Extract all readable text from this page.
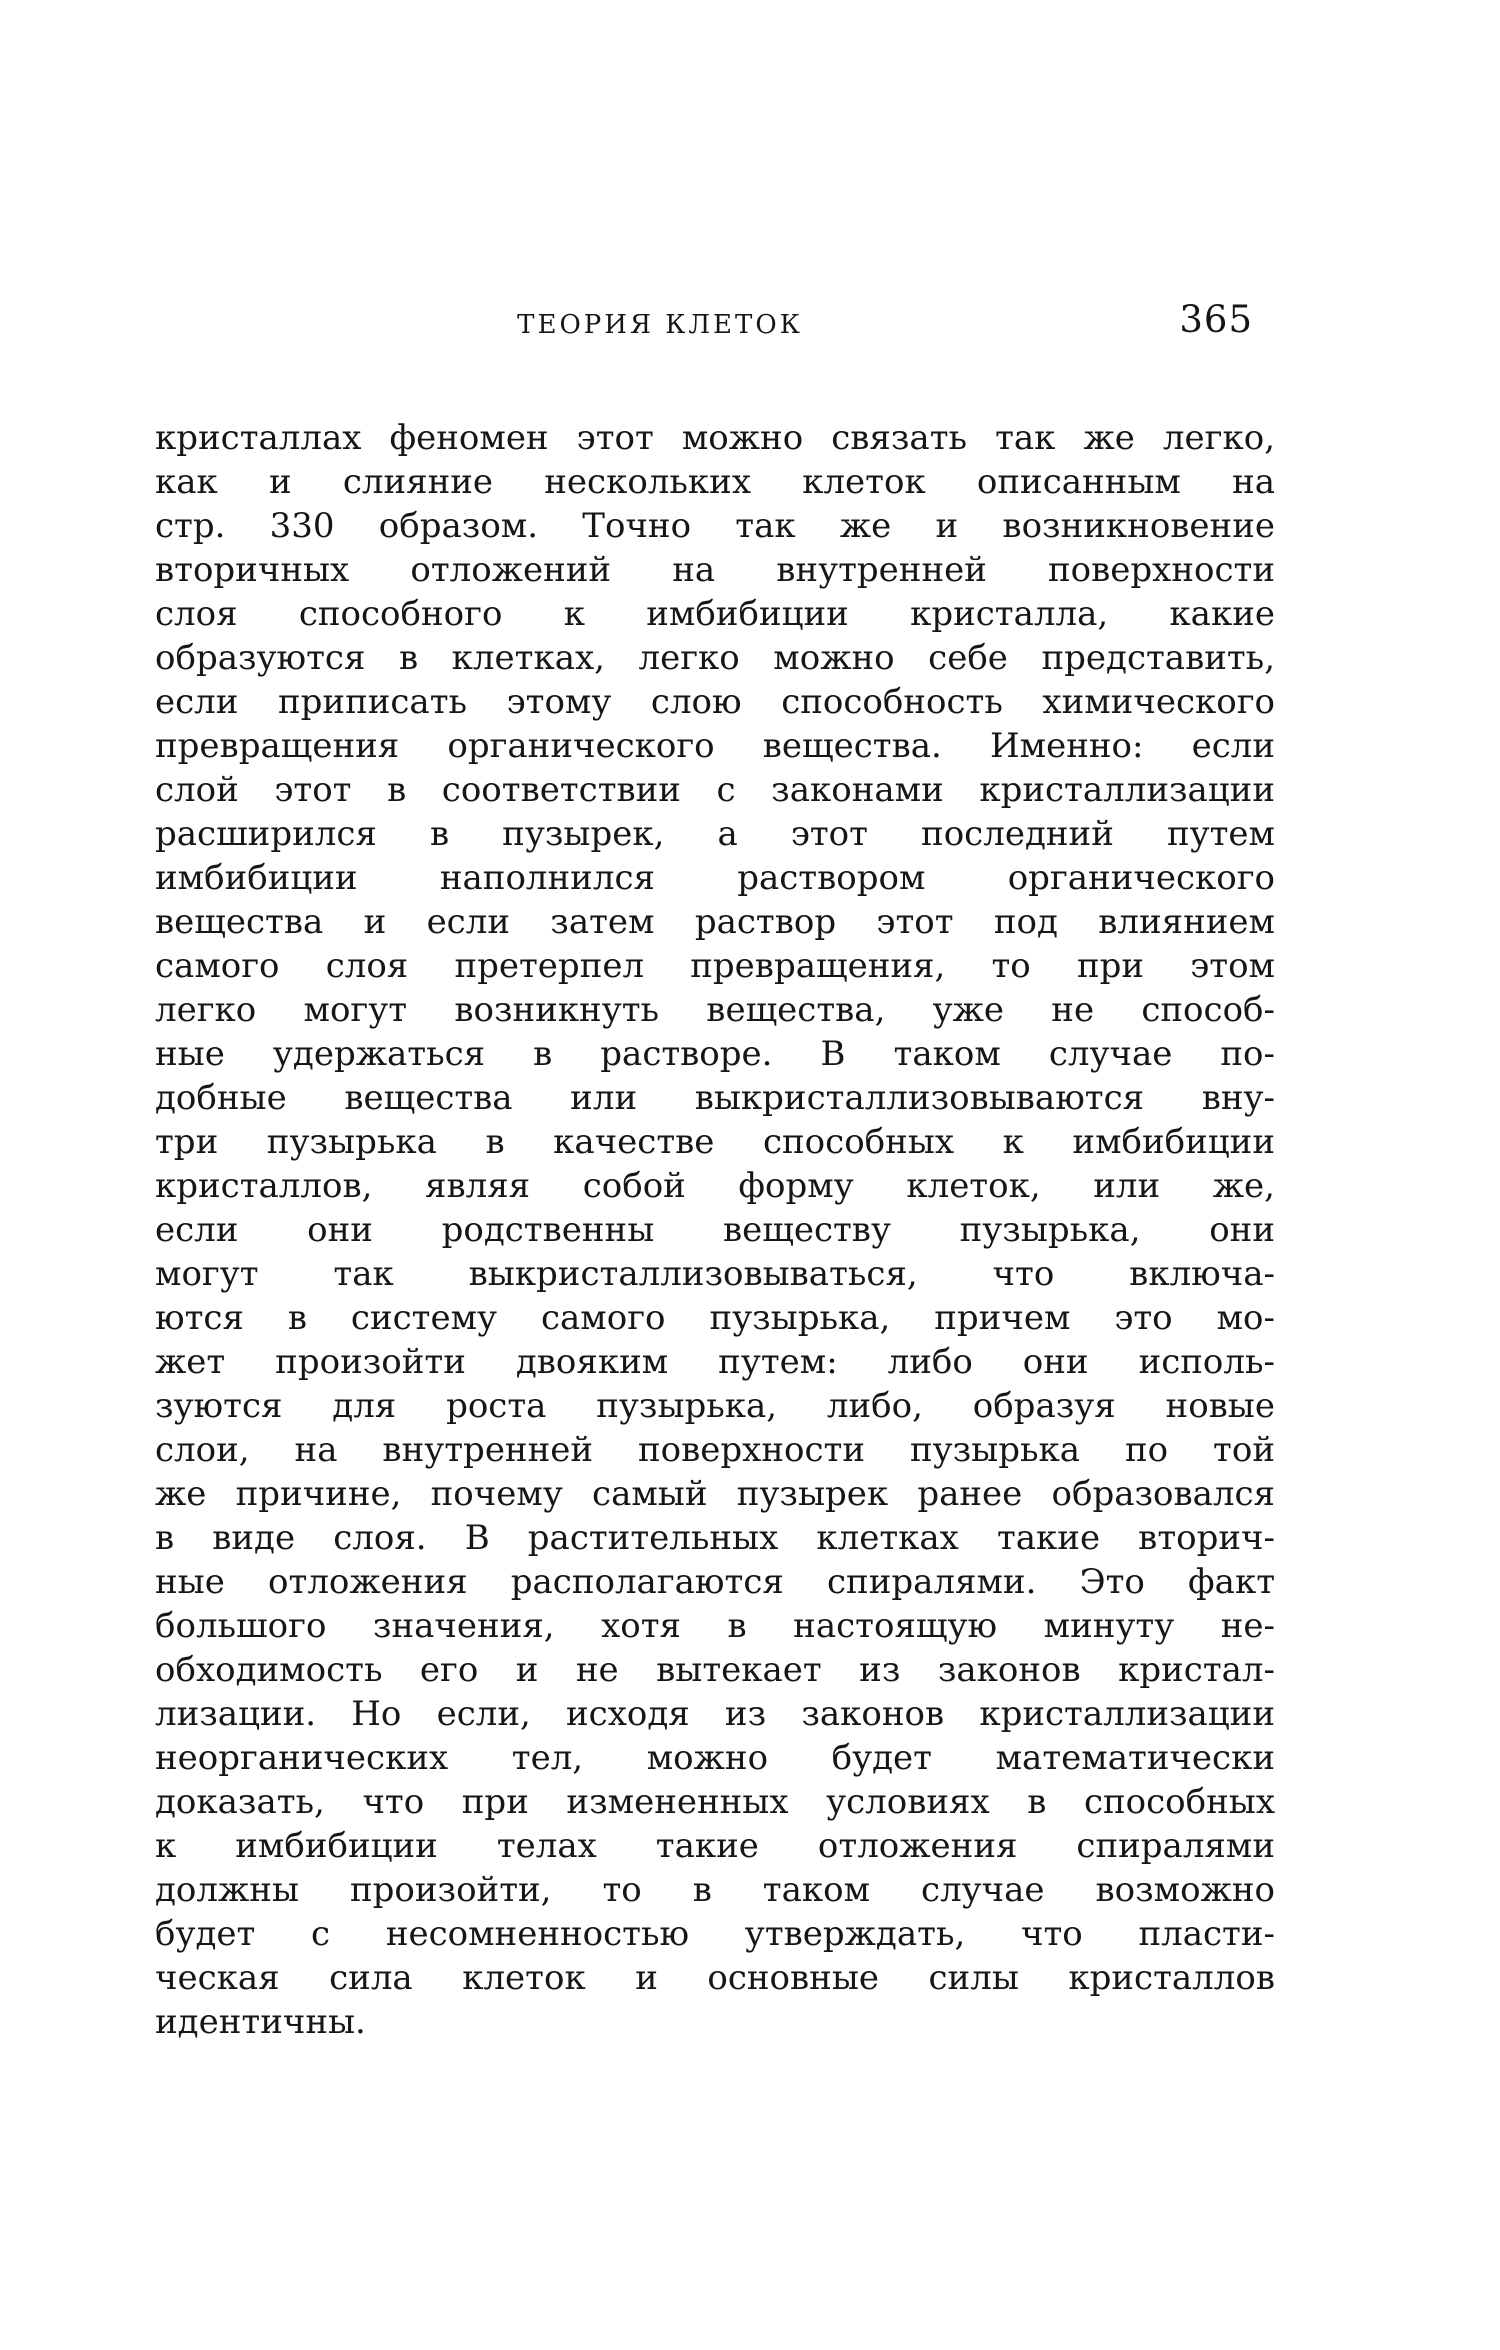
ТЕОРИЯ КЛЕТОК	365
кристаллах феномен этот можно связать так же легко,
как и слияние нескольких клеток описанным на
стр. 330 образом. Точно так же и возникновение
вторичных отложений на внутренней поверхности
слоя способного к имбибиции кристалла, какие
образуются в клетках, легко можно себе представить,
если приписать этому слою способность химического
превращения органического вещества. Именно: если
слой этот в соответствии с законами кристаллизации
расширился в пузырек, а этот последний путем
имбибиции наполнился раствором органического
вещества и если затем раствор этот под влиянием
самого слоя претерпел превращения, то при этом
легко могут возникнуть вещества, уже не способ-
ные удержаться в растворе. В таком случае по-
добные вещества или выкристаллизовываются вну-
три пузырька в качестве способных к имбибиции
кристаллов, являя собой форму клеток, или же,
если они родственны веществу пузырька, они
могут так выкристаллизовываться, что включа-
ются в систему самого пузырька, причем это мо-
жет произойти двояким путем: либо они исполь-
зуются для роста пузырька, либо, образуя новые
слои, на внутренней поверхности пузырька по той
же причине, почему самый пузырек ранее образовался
в виде слоя. В растительных клетках такие вторич-
ные отложения располагаются спиралями. Это факт
большого значения, хотя в настоящую минуту не-
обходимость его и не вытекает из законов кристал-
лизации. Но если, исходя из законов кристаллизации
неорганических тел, можно будет математически
доказать, что при измененных условиях в способных
к имбибиции телах такие отложения спиралями
должны произойти, то в таком случае возможно
будет с несомненностью утверждать, что пласти-
ческая сила клеток и основные силы кристаллов
идентичны.
